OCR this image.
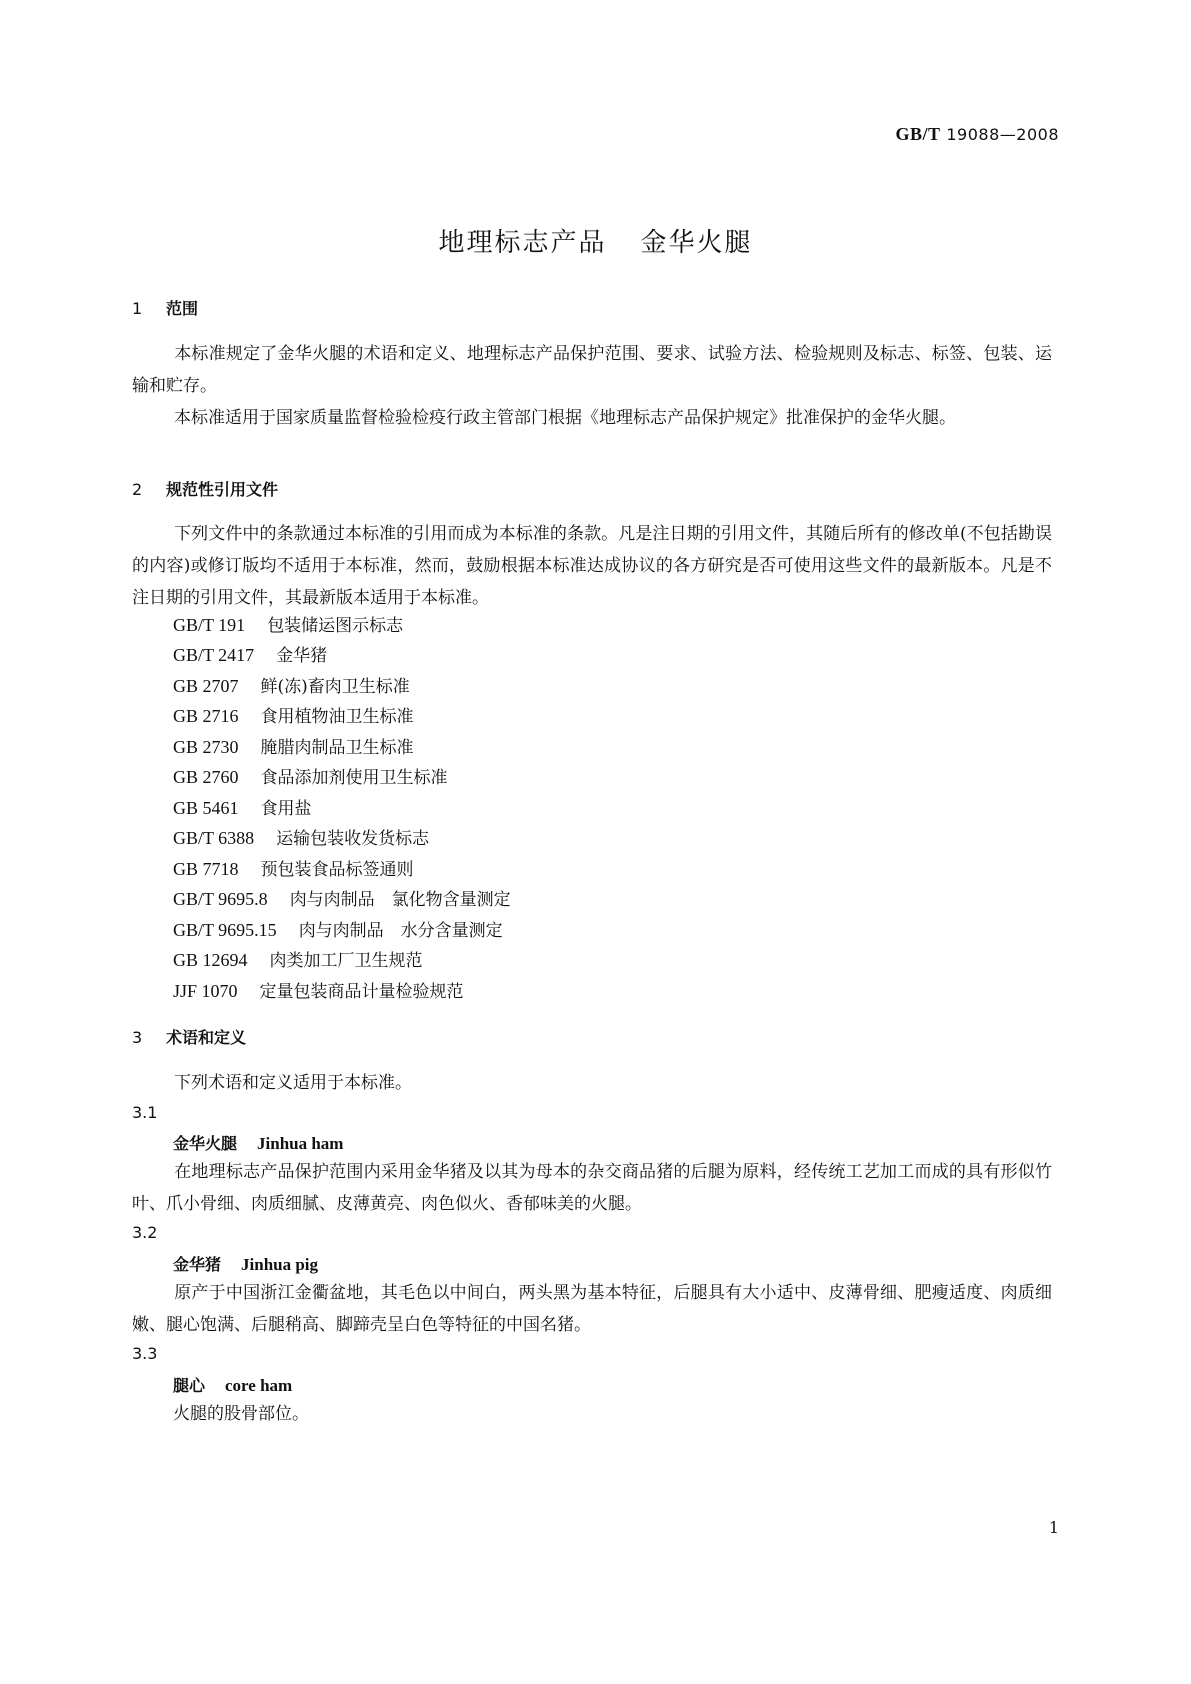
GB/T 19088—2008
地理标志产品 金华火腿
1 范围
本标准规定了金华火腿的术语和定义、地理标志产品保护范围、要求、试验方法、检验规则及标志、标签、包装、运输和贮存。
本标准适用于国家质量监督检验检疫行政主管部门根据《地理标志产品保护规定》批准保护的金华火腿。
2 规范性引用文件
下列文件中的条款通过本标准的引用而成为本标准的条款。凡是注日期的引用文件，其随后所有的修改单(不包括勘误的内容)或修订版均不适用于本标准，然而，鼓励根据本标准达成协议的各方研究是否可使用这些文件的最新版本。凡是不注日期的引用文件，其最新版本适用于本标准。
GB/T 191 包装储运图示标志
GB/T 2417 金华猪
GB 2707 鲜(冻)畜肉卫生标准
GB 2716 食用植物油卫生标准
GB 2730 腌腊肉制品卫生标准
GB 2760 食品添加剂使用卫生标准
GB 5461 食用盐
GB/T 6388 运输包装收发货标志
GB 7718 预包装食品标签通则
GB/T 9695.8 肉与肉制品　氯化物含量测定
GB/T 9695.15 肉与肉制品　水分含量测定
GB 12694 肉类加工厂卫生规范
JJF 1070 定量包装商品计量检验规范
3 术语和定义
下列术语和定义适用于本标准。
3.1
金华火腿 Jinhua ham
在地理标志产品保护范围内采用金华猪及以其为母本的杂交商品猪的后腿为原料，经传统工艺加工而成的具有形似竹叶、爪小骨细、肉质细腻、皮薄黄亮、肉色似火、香郁味美的火腿。
3.2
金华猪 Jinhua pig
原产于中国浙江金衢盆地，其毛色以中间白，两头黑为基本特征，后腿具有大小适中、皮薄骨细、肥瘦适度、肉质细嫩、腿心饱满、后腿稍高、脚蹄壳呈白色等特征的中国名猪。
3.3
腿心 core ham
火腿的股骨部位。
1
